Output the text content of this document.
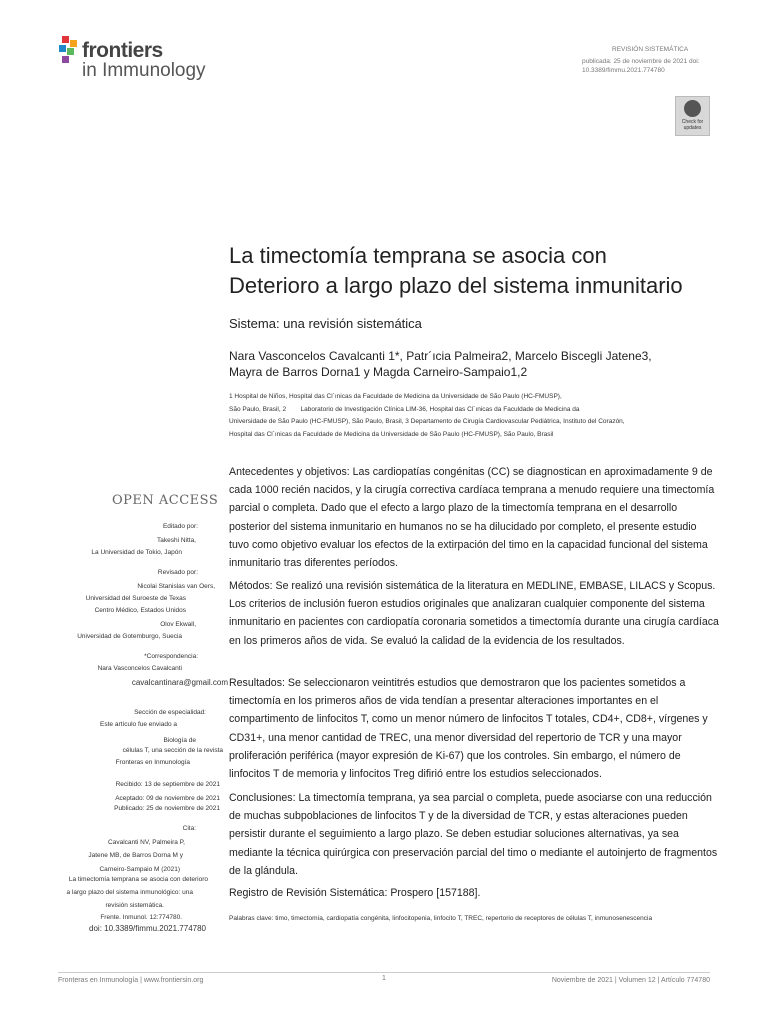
frontiers
in Immunology
REVISIÓN SISTEMÁTICA
publicada: 25 de noviembre de 2021 doi:
10.3389/fimmu.2021.774780
Check for updates
La timectomía temprana se asocia con
Deterioro a largo plazo del sistema inmunitario
Sistema: una revisión sistemática
Nara Vasconcelos Cavalcanti 1*, Patr´ıcia Palmeira2, Marcelo Biscegli Jatene3,
Mayra de Barros Dorna1 y Magda Carneiro-Sampaio1,2
1 Hospital de Niños, Hospital das Cl´ınicas da Faculdade de Medicina da Universidade de São Paulo (HC-FMUSP),
São Paulo, Brasil, 2        Laboratorio de Investigación Clínica LIM-36, Hospital das Cl´ınicas da Faculdade de Medicina da
Universidade de São Paulo (HC-FMUSP), São Paulo, Brasil, 3 Departamento de Cirugía Cardiovascular Pediátrica, Instituto del Corazón,
Hospital das Cl´ınicas da Faculdade de Medicina da Universidade de São Paulo (HC-FMUSP), São Paulo, Brasil
Antecedentes y objetivos: Las cardiopatías congénitas (CC) se diagnostican en aproximadamente 9 de cada 1000 recién nacidos, y la cirugía correctiva cardíaca temprana a menudo requiere una timectomía parcial o completa. Dado que el efecto a largo plazo de la timectomía temprana en el desarrollo posterior del sistema inmunitario en humanos no se ha dilucidado por completo, el presente estudio tuvo como objetivo evaluar los efectos de la extirpación del timo en la capacidad funcional del sistema inmunitario tras diferentes períodos.
Métodos: Se realizó una revisión sistemática de la literatura en MEDLINE, EMBASE, LILACS y Scopus. Los criterios de inclusión fueron estudios originales que analizaran cualquier componente del sistema inmunitario en pacientes con cardiopatía coronaria sometidos a timectomía durante una cirugía cardíaca en los primeros años de vida. Se evaluó la calidad de la evidencia de los resultados.
Resultados: Se seleccionaron veintitrés estudios que demostraron que los pacientes sometidos a timectomía en los primeros años de vida tendían a presentar alteraciones importantes en el compartimento de linfocitos T, como un menor número de linfocitos T totales, CD4+, CD8+, vírgenes y CD31+, una menor cantidad de TREC, una menor diversidad del repertorio de TCR y una mayor proliferación periférica (mayor expresión de Ki-67) que los controles. Sin embargo, el número de linfocitos T de memoria y linfocitos Treg difirió entre los estudios seleccionados.
Conclusiones: La timectomía temprana, ya sea parcial o completa, puede asociarse con una reducción de muchas subpoblaciones de linfocitos T y de la diversidad de TCR, y estas alteraciones pueden persistir durante el seguimiento a largo plazo. Se deben estudiar soluciones alternativas, ya sea mediante la técnica quirúrgica con preservación parcial del timo o mediante el autoinjerto de fragmentos de la glándula.
Registro de Revisión Sistemática: Prospero [157188].
Palabras clave: timo, timectomía, cardiopatía congénita, linfocitopenia, linfocito T, TREC, repertorio de receptores de células T, inmunosenescencia
OPEN ACCESS
Editado por:
Takeshi Nitta,
La Universidad de Tokio, Japón
Revisado por:
Nicolai Stanislas van Oers,
Universidad del Suroeste de Texas
Centro Médico, Estados Unidos
Olov Ekwall,
Universidad de Gotemburgo, Suecia
*Correspondencia:
Nara Vasconcelos Cavalcanti
cavalcantinara@gmail.com
Sección de especialidad:
Este artículo fue enviado a
Biología de
células T, una sección de la revista
Fronteras en Inmunología
Recibido: 13 de septiembre de 2021
Aceptado: 09 de noviembre de 2021
Publicado: 25 de noviembre de 2021
Cita:
Cavalcanti NV, Palmeira P,
Jatene MB, de Barros Dorna M y
Carneiro-Sampaio M (2021)
La timectomía temprana se asocia con deterioro
a largo plazo del sistema inmunológico: una
revisión sistemática.
Frente. Inmunol. 12:774780.
doi: 10.3389/fimmu.2021.774780
Fronteras en Inmunología | www.frontiersin.org	1	Noviembre de 2021 | Volumen 12 | Artículo 774780
